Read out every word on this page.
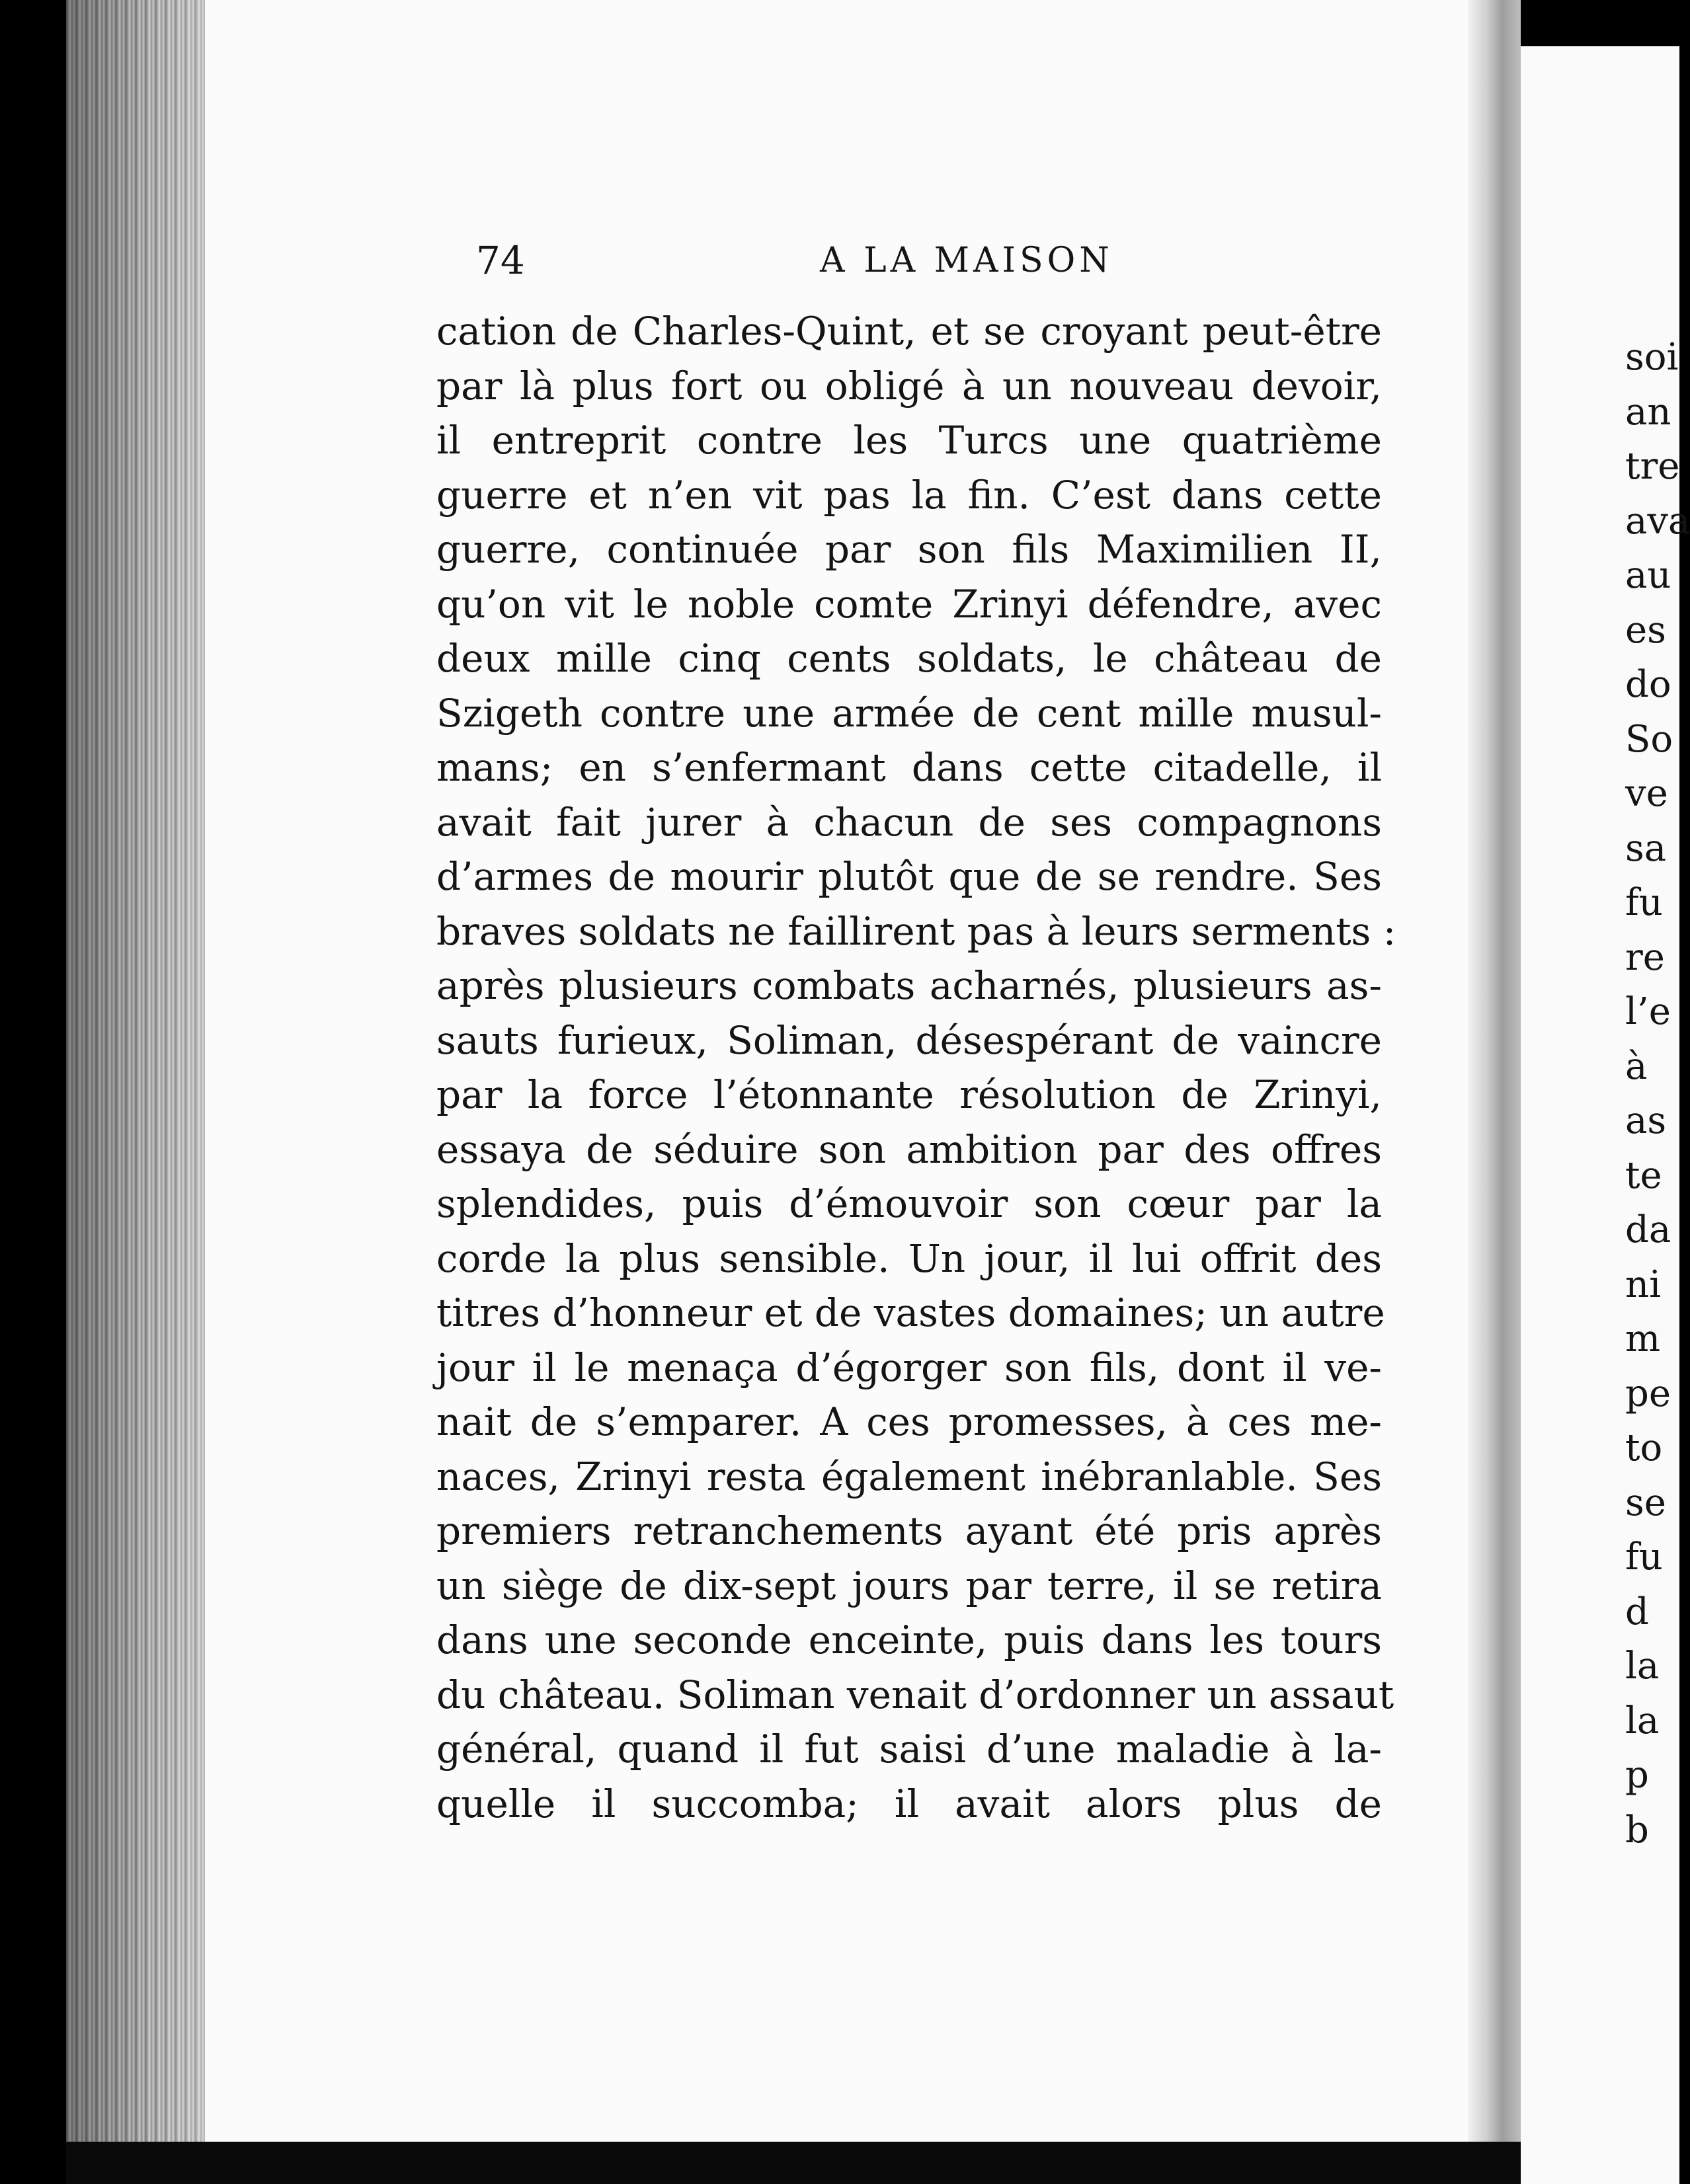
74	A LA MAISON
cation de Charles-Quint, et se croyant peut-être
par là plus fort ou obligé à un nouveau devoir,
il entreprit contre les Turcs une quatrième
guerre et n’en vit pas la fin. C’est dans cette
guerre, continuée par son fils Maximilien II,
qu’on vit le noble comte Zrinyi défendre, avec
deux mille cinq cents soldats, le château de
Szigeth contre une armée de cent mille musul-
mans; en s’enfermant dans cette citadelle, il
avait fait jurer à chacun de ses compagnons
d’armes de mourir plutôt que de se rendre. Ses
braves soldats ne faillirent pas à leurs serments :
après plusieurs combats acharnés, plusieurs as-
sauts furieux, Soliman, désespérant de vaincre
par la force l’étonnante résolution de Zrinyi,
essaya de séduire son ambition par des offres
splendides, puis d’émouvoir son cœur par la
corde la plus sensible. Un jour, il lui offrit des
titres d’honneur et de vastes domaines; un autre
jour il le menaça d’égorger son fils, dont il ve-
nait de s’emparer. A ces promesses, à ces me-
naces, Zrinyi resta également inébranlable. Ses
premiers retranchements ayant été pris après
un siège de dix-sept jours par terre, il se retira
dans une seconde enceinte, puis dans les tours
du château. Soliman venait d’ordonner un assaut
général, quand il fut saisi d’une maladie à la-
quelle il succomba; il avait alors plus de
soi
an
tre
ava
au
es
do
So
ve
sa
fu
re
l’e
à
as
te
da
ni
m
pe
to
se
fu
d
la
la
p
b
